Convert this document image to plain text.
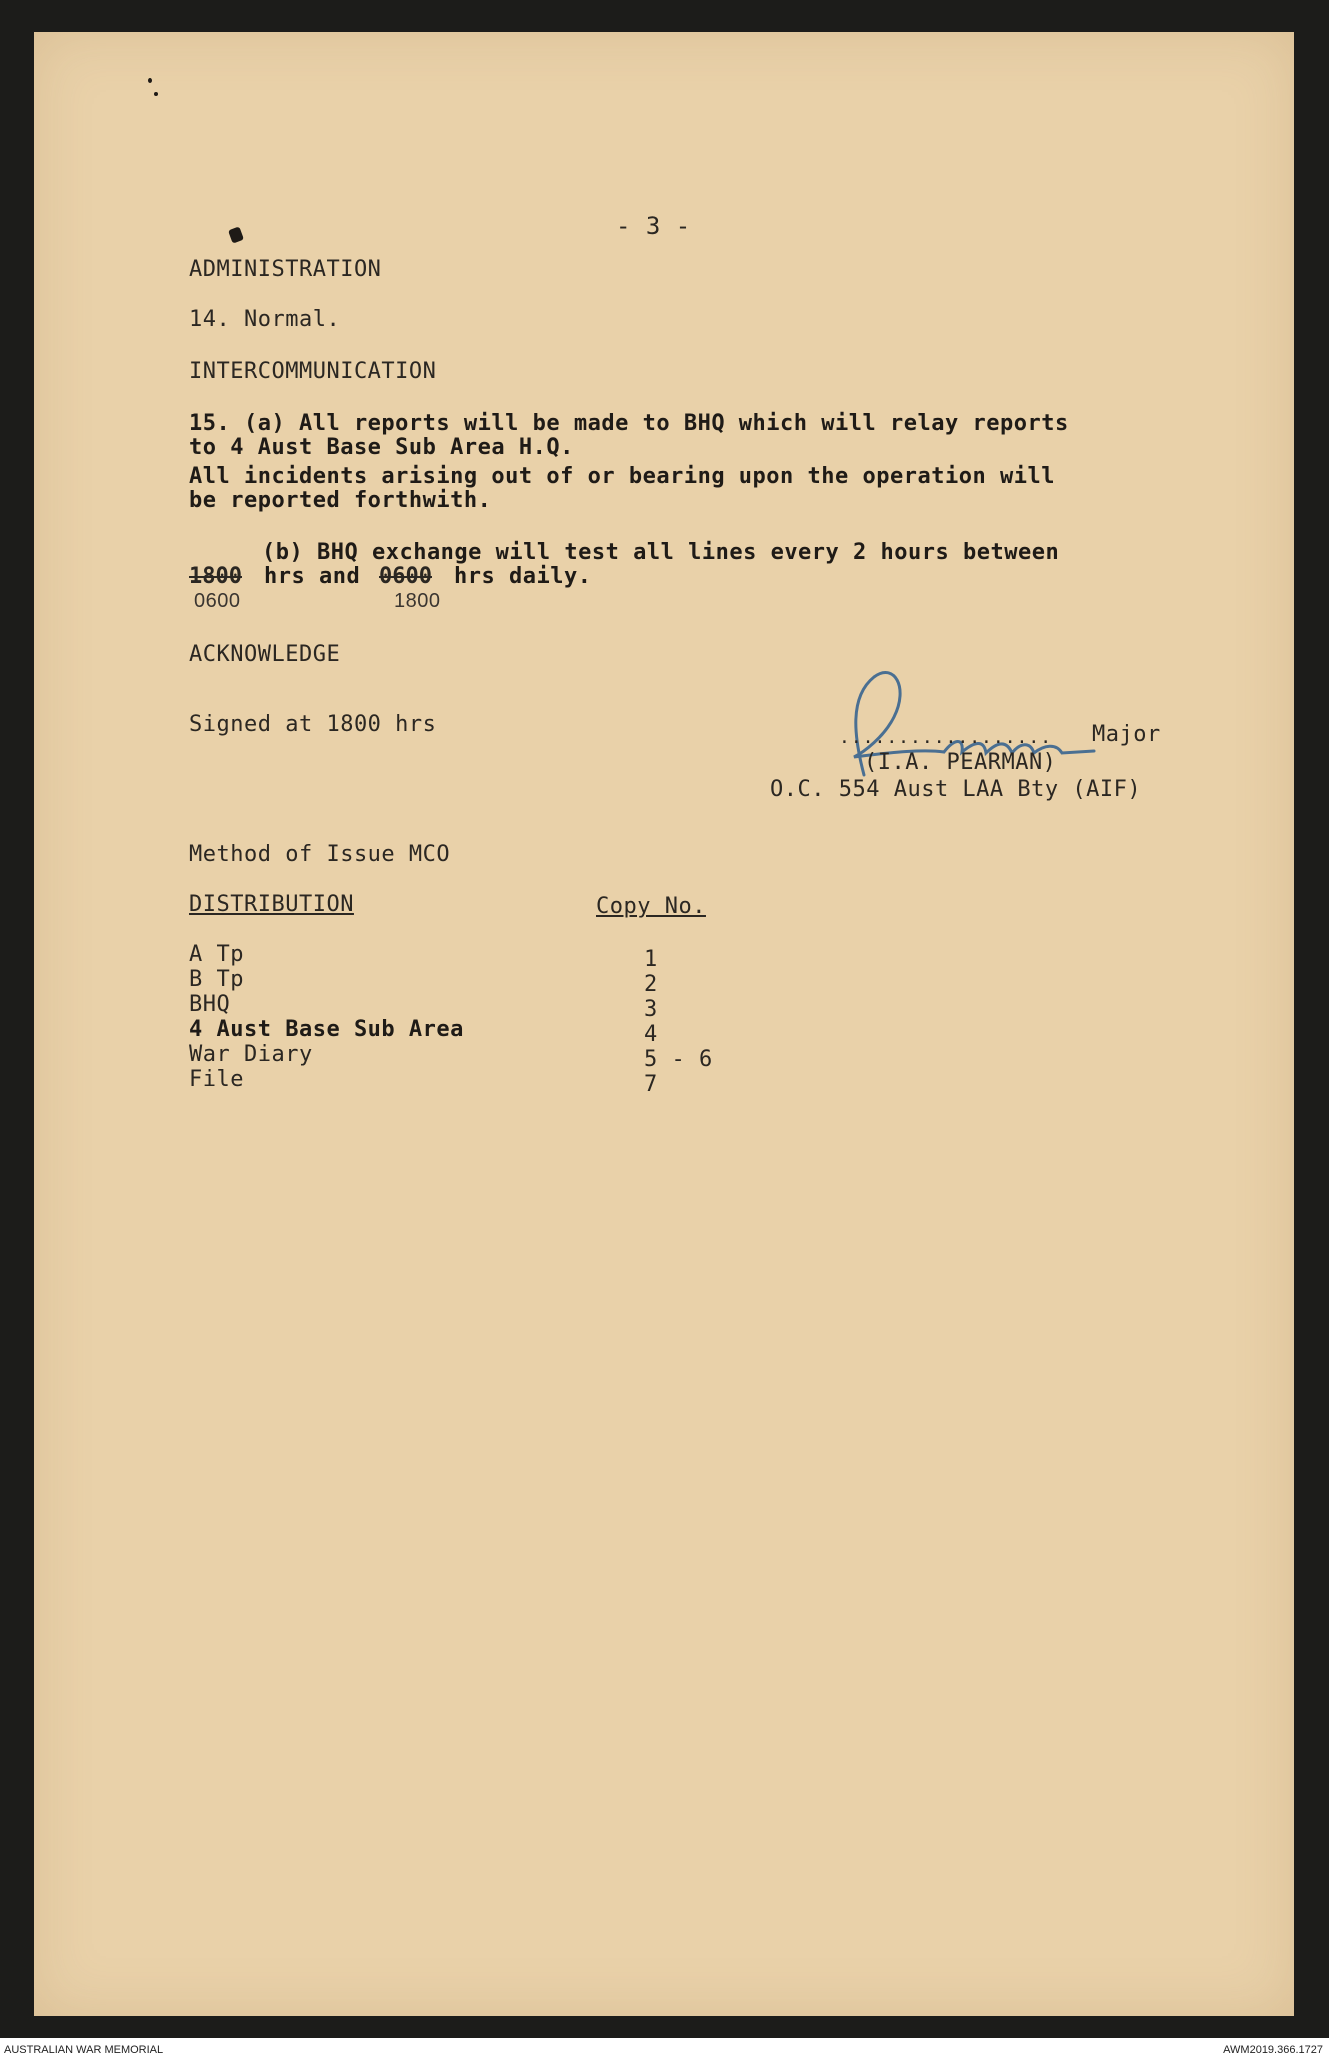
- 3 -
ADMINISTRATION
14. Normal.
INTERCOMMUNICATION
15. (a) All reports will be made to BHQ which will relay reports
to 4 Aust Base Sub Area H.Q.
All incidents arising out of or bearing upon the operation will
be reported forthwith.
(b) BHQ exchange will test all lines every 2 hours between
1800 hrs and 0600 hrs daily.
0600	1800
ACKNOWLEDGE
Signed at 1800 hrs
.................. Major
(I.A. PEARMAN)
O.C. 554 Aust LAA Bty (AIF)
Method of Issue MCO
DISTRIBUTION	Copy No.
A Tp	1
B Tp	2
BHQ	3
4 Aust Base Sub Area	4
War Diary	5 - 6
File	7
AUSTRALIAN WAR MEMORIAL	AWM2019.366.1727
